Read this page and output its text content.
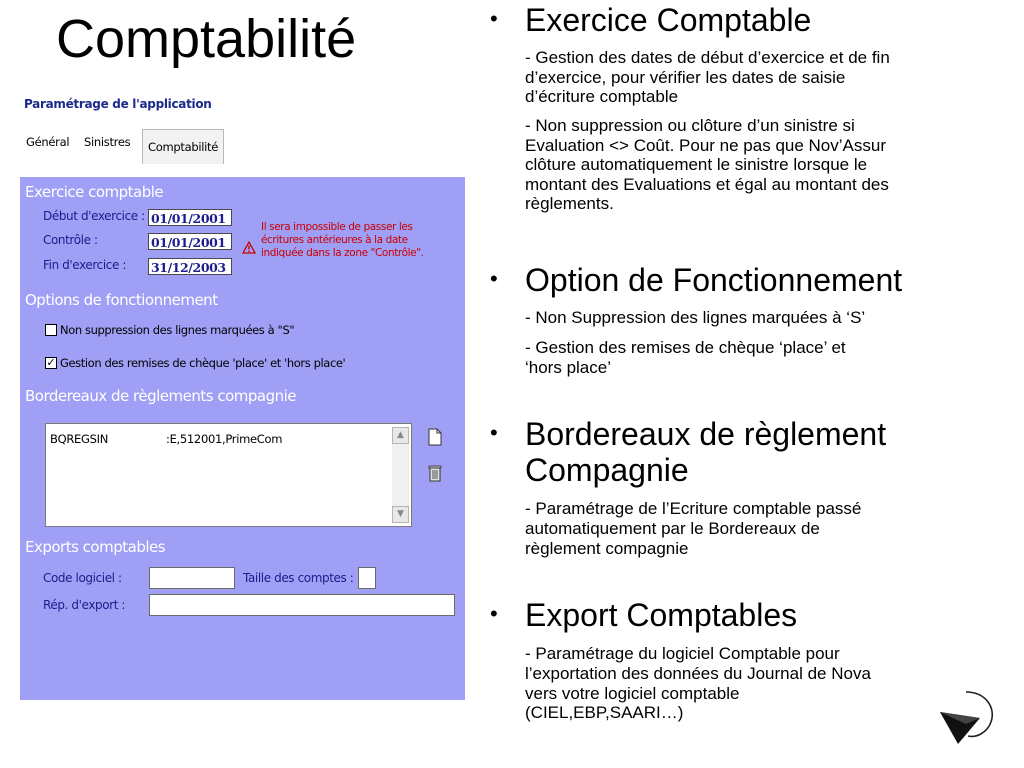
Comptabilité
Paramétrage de l'application
Général Sinistres	Comptabilité
Exercice comptable
Début d'exercice : 01/01/2001
Contrôle :	01/01/2001
Fin d'exercice : 31/12/2003
Options de fonctionnement
Non suppression des lignes marquées à "S"
✓ Gestion des remises de chèque 'place' et 'hors place'
Bordereaux de règlements compagnie
Exports comptables
Code logiciel :	Taille des comptes :
Rép. d'export :
Il sera impossible de passer les écritures antérieures à la date indiquée dans la zone "Contrôle".
BQREGSIN	:E,512001,PrimeCom	▲
▼
• Exercice Comptable
- Gestion des dates de début d’exercice et de fin
d’exercice, pour vérifier les dates de saisie
d’écriture comptable
- Non suppression ou clôture d’un sinistre si
Evaluation <> Coût. Pour ne pas que Nov’Assur
clôture automatiquement le sinistre lorsque le
montant des Evaluations et égal au montant des
règlements.
• Option de Fonctionnement
- Non Suppression des lignes marquées à ‘S’
- Gestion des remises de chèque ‘place’ et
‘hors place’
• Bordereaux de règlement
Compagnie
- Paramétrage de l’Ecriture comptable passé
automatiquement par le Bordereaux de
règlement compagnie
• Export Comptables
- Paramétrage du logiciel Comptable pour
l’exportation des données du Journal de Nova
vers votre logiciel comptable
(CIEL,EBP,SAARI…)
